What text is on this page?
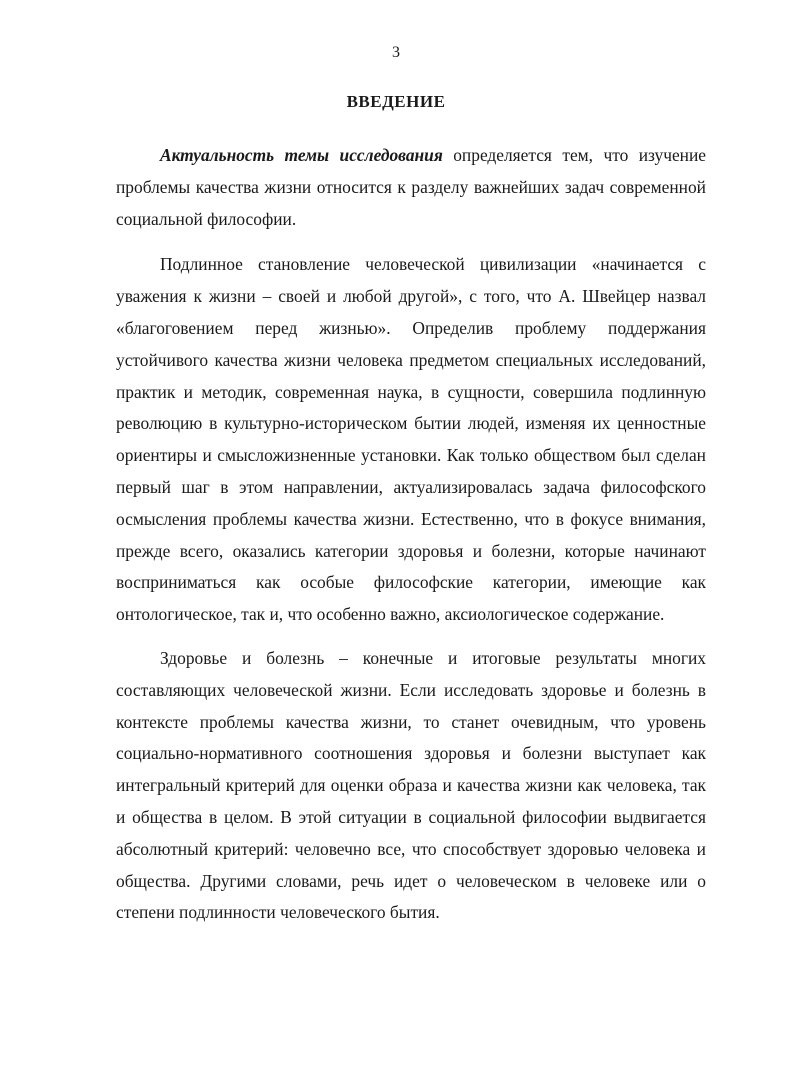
3
ВВЕДЕНИЕ

Актуальность темы исследования определяется тем, что изучение проблемы качества жизни относится к разделу важнейших задач современной социальной философии.

Подлинное становление человеческой цивилизации «начинается с уважения к жизни – своей и любой другой», с того, что А. Швейцер назвал «благоговением перед жизнью». Определив проблему поддержания устойчивого качества жизни человека предметом специальных исследований, практик и методик, современная наука, в сущности, совершила подлинную революцию в культурно-историческом бытии людей, изменяя их ценностные ориентиры и смысложизненные установки. Как только обществом был сделан первый шаг в этом направлении, актуализировалась задача философского осмысления проблемы качества жизни. Естественно, что в фокусе внимания, прежде всего, оказались категории здоровья и болезни, которые начинают восприниматься как особые философские категории, имеющие как онтологическое, так и, что особенно важно, аксиологическое содержание.

Здоровье и болезнь – конечные и итоговые результаты многих составляющих человеческой жизни. Если исследовать здоровье и болезнь в контексте проблемы качества жизни, то станет очевидным, что уровень социально-нормативного соотношения здоровья и болезни выступает как интегральный критерий для оценки образа и качества жизни как человека, так и общества в целом. В этой ситуации в социальной философии выдвигается абсолютный критерий: человечно все, что способствует здоровью человека и общества. Другими словами, речь идет о человеческом в человеке или о степени подлинности человеческого бытия.
